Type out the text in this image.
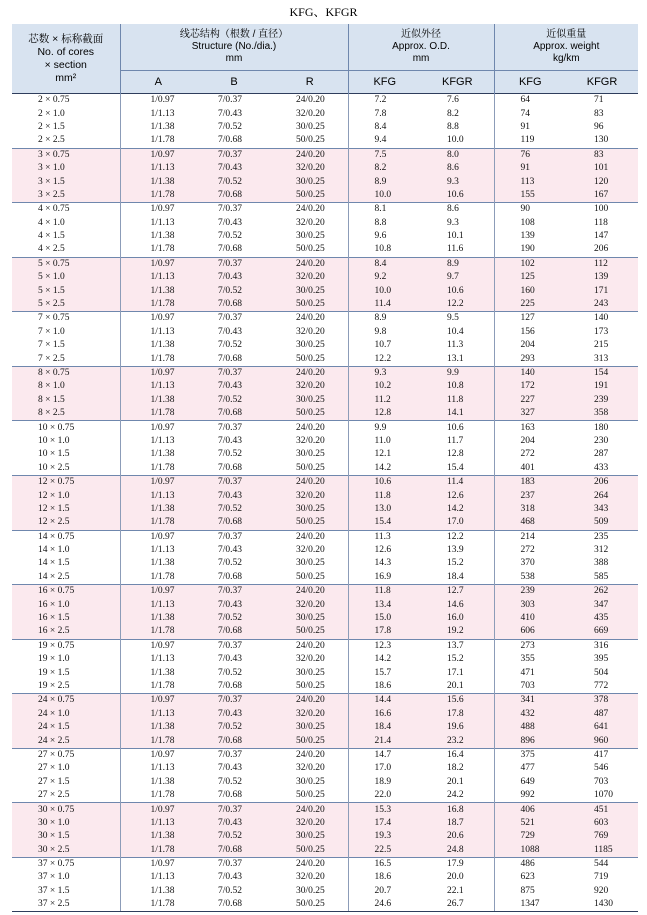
KFG、KFGR
芯数 × 标称截面
No. of cores
× section
mm²	线芯结构（根数 / 直径）
Structure (No./dia.)
mm			近似外径
Approx. O.D.
mm		近似重量
Approx. weight
kg/km	

	A	B	R	KFG	KFGR	KFG	KFGR
2 × 0.75	1/0.97	7/0.37	24/0.20	7.2	7.6	64	71
2 × 1.0	1/1.13	7/0.43	32/0.20	7.8	8.2	74	83
2 × 1.5	1/1.38	7/0.52	30/0.25	8.4	8.8	91	96
2 × 2.5	1/1.78	7/0.68	50/0.25	9.4	10.0	119	130
3 × 0.75	1/0.97	7/0.37	24/0.20	7.5	8.0	76	83
3 × 1.0	1/1.13	7/0.43	32/0.20	8.2	8.6	91	101
3 × 1.5	1/1.38	7/0.52	30/0.25	8.9	9.3	113	120
3 × 2.5	1/1.78	7/0.68	50/0.25	10.0	10.6	155	167
4 × 0.75	1/0.97	7/0.37	24/0.20	8.1	8.6	90	100
4 × 1.0	1/1.13	7/0.43	32/0.20	8.8	9.3	108	118
4 × 1.5	1/1.38	7/0.52	30/0.25	9.6	10.1	139	147
4 × 2.5	1/1.78	7/0.68	50/0.25	10.8	11.6	190	206
5 × 0.75	1/0.97	7/0.37	24/0.20	8.4	8.9	102	112
5 × 1.0	1/1.13	7/0.43	32/0.20	9.2	9.7	125	139
5 × 1.5	1/1.38	7/0.52	30/0.25	10.0	10.6	160	171
5 × 2.5	1/1.78	7/0.68	50/0.25	11.4	12.2	225	243
7 × 0.75	1/0.97	7/0.37	24/0.20	8.9	9.5	127	140
7 × 1.0	1/1.13	7/0.43	32/0.20	9.8	10.4	156	173
7 × 1.5	1/1.38	7/0.52	30/0.25	10.7	11.3	204	215
7 × 2.5	1/1.78	7/0.68	50/0.25	12.2	13.1	293	313
8 × 0.75	1/0.97	7/0.37	24/0.20	9.3	9.9	140	154
8 × 1.0	1/1.13	7/0.43	32/0.20	10.2	10.8	172	191
8 × 1.5	1/1.38	7/0.52	30/0.25	11.2	11.8	227	239
8 × 2.5	1/1.78	7/0.68	50/0.25	12.8	14.1	327	358
10 × 0.75	1/0.97	7/0.37	24/0.20	9.9	10.6	163	180
10 × 1.0	1/1.13	7/0.43	32/0.20	11.0	11.7	204	230
10 × 1.5	1/1.38	7/0.52	30/0.25	12.1	12.8	272	287
10 × 2.5	1/1.78	7/0.68	50/0.25	14.2	15.4	401	433
12 × 0.75	1/0.97	7/0.37	24/0.20	10.6	11.4	183	206
12 × 1.0	1/1.13	7/0.43	32/0.20	11.8	12.6	237	264
12 × 1.5	1/1.38	7/0.52	30/0.25	13.0	14.2	318	343
12 × 2.5	1/1.78	7/0.68	50/0.25	15.4	17.0	468	509
14 × 0.75	1/0.97	7/0.37	24/0.20	11.3	12.2	214	235
14 × 1.0	1/1.13	7/0.43	32/0.20	12.6	13.9	272	312
14 × 1.5	1/1.38	7/0.52	30/0.25	14.3	15.2	370	388
14 × 2.5	1/1.78	7/0.68	50/0.25	16.9	18.4	538	585
16 × 0.75	1/0.97	7/0.37	24/0.20	11.8	12.7	239	262
16 × 1.0	1/1.13	7/0.43	32/0.20	13.4	14.6	303	347
16 × 1.5	1/1.38	7/0.52	30/0.25	15.0	16.0	410	435
16 × 2.5	1/1.78	7/0.68	50/0.25	17.8	19.2	606	669
19 × 0.75	1/0.97	7/0.37	24/0.20	12.3	13.7	273	316
19 × 1.0	1/1.13	7/0.43	32/0.20	14.2	15.2	355	395
19 × 1.5	1/1.38	7/0.52	30/0.25	15.7	17.1	471	504
19 × 2.5	1/1.78	7/0.68	50/0.25	18.6	20.1	703	772
24 × 0.75	1/0.97	7/0.37	24/0.20	14.4	15.6	341	378
24 × 1.0	1/1.13	7/0.43	32/0.20	16.6	17.8	432	487
24 × 1.5	1/1.38	7/0.52	30/0.25	18.4	19.6	488	641
24 × 2.5	1/1.78	7/0.68	50/0.25	21.4	23.2	896	960
27 × 0.75	1/0.97	7/0.37	24/0.20	14.7	16.4	375	417
27 × 1.0	1/1.13	7/0.43	32/0.20	17.0	18.2	477	546
27 × 1.5	1/1.38	7/0.52	30/0.25	18.9	20.1	649	703
27 × 2.5	1/1.78	7/0.68	50/0.25	22.0	24.2	992	1070
30 × 0.75	1/0.97	7/0.37	24/0.20	15.3	16.8	406	451
30 × 1.0	1/1.13	7/0.43	32/0.20	17.4	18.7	521	603
30 × 1.5	1/1.38	7/0.52	30/0.25	19.3	20.6	729	769
30 × 2.5	1/1.78	7/0.68	50/0.25	22.5	24.8	1088	1185
37 × 0.75	1/0.97	7/0.37	24/0.20	16.5	17.9	486	544
37 × 1.0	1/1.13	7/0.43	32/0.20	18.6	20.0	623	719
37 × 1.5	1/1.38	7/0.52	30/0.25	20.7	22.1	875	920
37 × 2.5	1/1.78	7/0.68	50/0.25	24.6	26.7	1347	1430
